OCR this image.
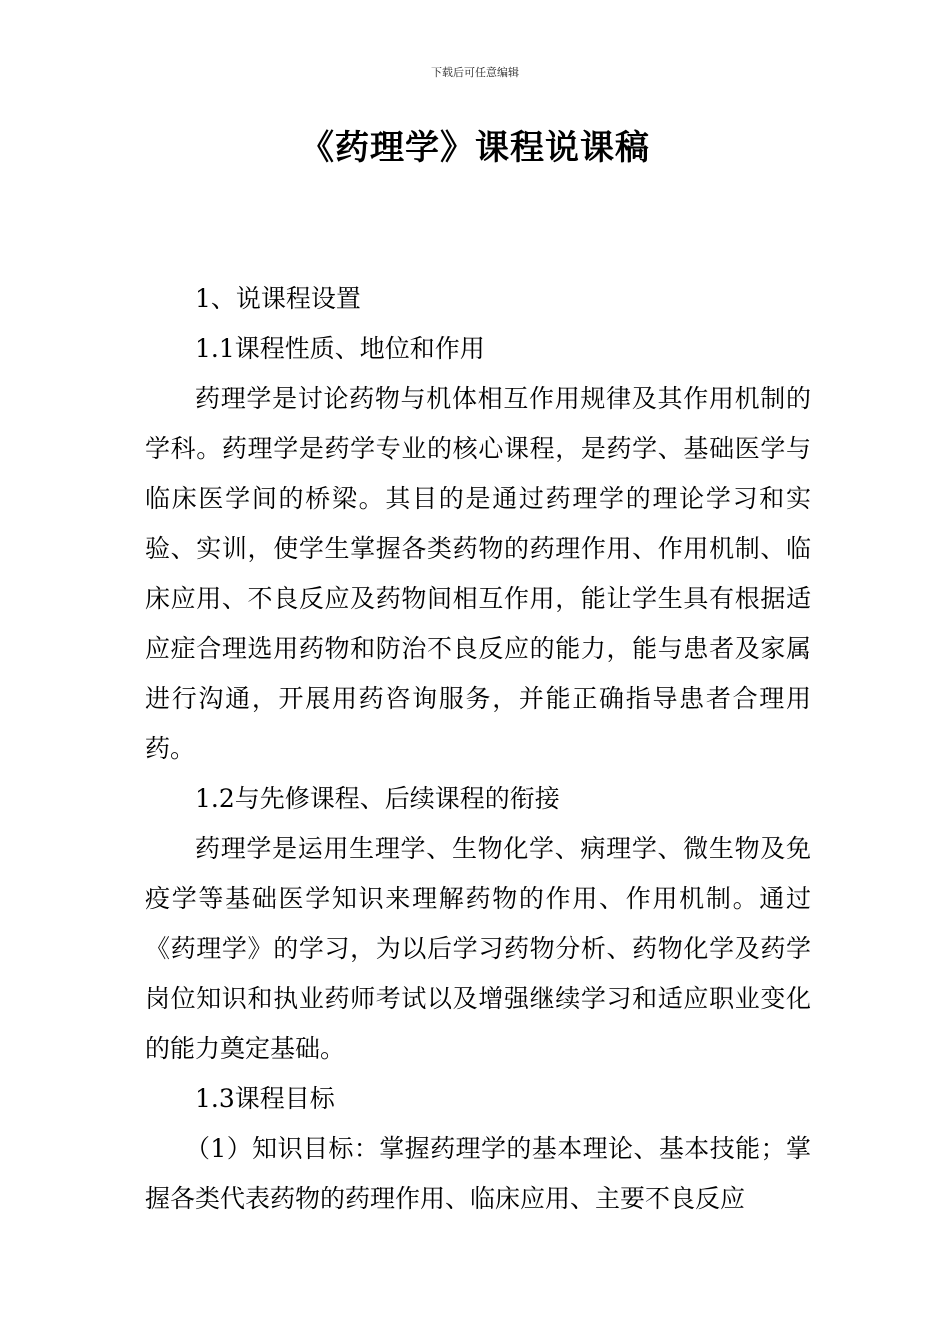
下载后可任意编辑
《药理学》课程说课稿

1、说课程设置

1.1课程性质、地位和作用

药理学是讨论药物与机体相互作用规律及其作用机制的学科。药理学是药学专业的核心课程，是药学、基础医学与临床医学间的桥梁。其目的是通过药理学的理论学习和实验、实训，使学生掌握各类药物的药理作用、作用机制、临床应用、不良反应及药物间相互作用，能让学生具有根据适应症合理选用药物和防治不良反应的能力，能与患者及家属进行沟通，开展用药咨询服务，并能正确指导患者合理用药。

1.2与先修课程、后续课程的衔接

药理学是运用生理学、生物化学、病理学、微生物及免疫学等基础医学知识来理解药物的作用、作用机制。通过《药理学》的学习，为以后学习药物分析、药物化学及药学岗位知识和执业药师考试以及增强继续学习和适应职业变化的能力奠定基础。

1.3课程目标

（1）知识目标：掌握药理学的基本理论、基本技能；掌握各类代表药物的药理作用、临床应用、主要不良反应
